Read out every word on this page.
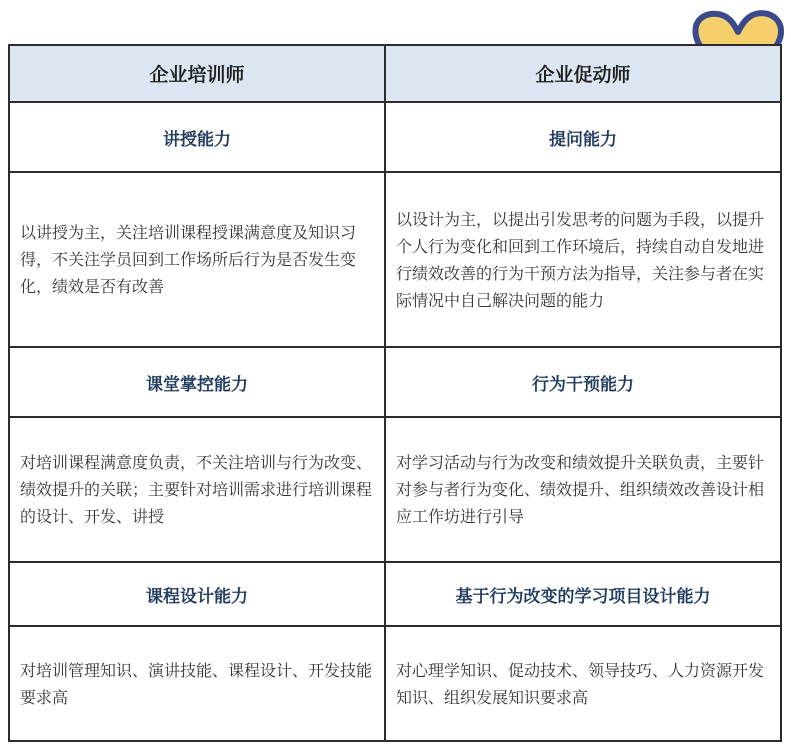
企业培训师	企业促动师
讲授能力	提问能力
以讲授为主，关注培训课程授课满意度及知识习得，不关注学员回到工作场所后行为是否发生变化，绩效是否有改善	以设计为主，以提出引发思考的问题为手段，以提升个人行为变化和回到工作环境后，持续自动自发地进行绩效改善的行为干预方法为指导，关注参与者在实际情况中自己解决问题的能力
课堂掌控能力	行为干预能力
对培训课程满意度负责，不关注培训与行为改变、绩效提升的关联；主要针对培训需求进行培训课程的设计、开发、讲授	对学习活动与行为改变和绩效提升关联负责，主要针对参与者行为变化、绩效提升、组织绩效改善设计相应工作坊进行引导
课程设计能力	基于行为改变的学习项目设计能力
对培训管理知识、演讲技能、课程设计、开发技能要求高	对心理学知识、促动技术、领导技巧、人力资源开发知识、组织发展知识要求高
